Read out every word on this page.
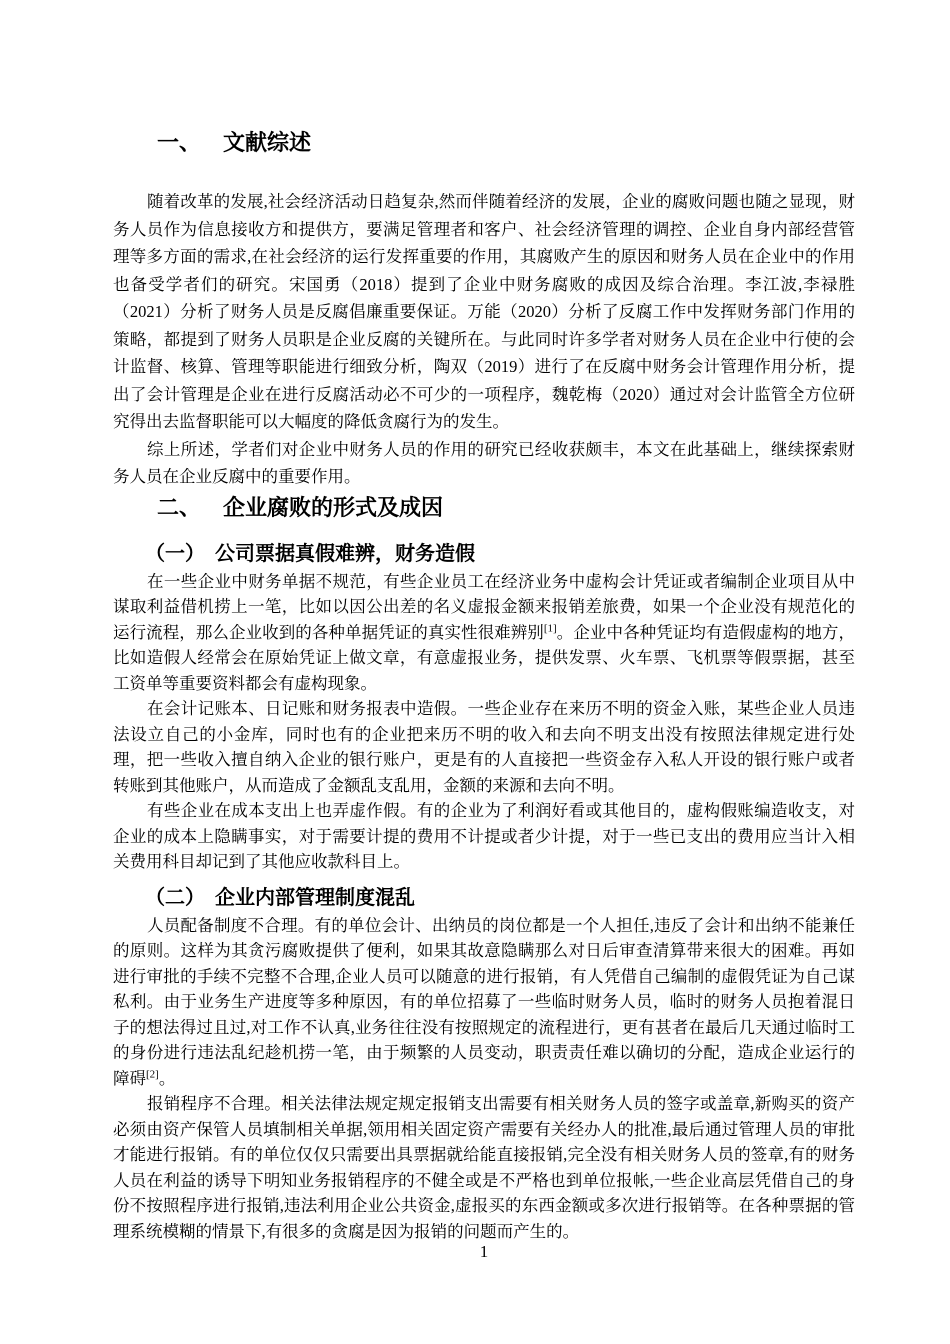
一、 文献综述

随着改革的发展,社会经济活动日趋复杂,然而伴随着经济的发展，企业的腐败问题也随之显现，财务人员作为信息接收方和提供方，要满足管理者和客户、社会经济管理的调控、企业自身内部经营管理等多方面的需求,在社会经济的运行发挥重要的作用，其腐败产生的原因和财务人员在企业中的作用也备受学者们的研究。宋国勇（2018）提到了企业中财务腐败的成因及综合治理。李江波,李禄胜（2021）分析了财务人员是反腐倡廉重要保证。万能（2020）分析了反腐工作中发挥财务部门作用的策略，都提到了财务人员职是企业反腐的关键所在。与此同时许多学者对财务人员在企业中行使的会计监督、核算、管理等职能进行细致分析，陶双（2019）进行了在反腐中财务会计管理作用分析，提出了会计管理是企业在进行反腐活动必不可少的一项程序，魏乾梅（2020）通过对会计监管全方位研究得出去监督职能可以大幅度的降低贪腐行为的发生。

综上所述，学者们对企业中财务人员的作用的研究已经收获颇丰，本文在此基础上，继续探索财务人员在企业反腐中的重要作用。

二、 企业腐败的形式及成因
（一） 公司票据真假难辨，财务造假

在一些企业中财务单据不规范，有些企业员工在经济业务中虚构会计凭证或者编制企业项目从中谋取利益借机捞上一笔，比如以因公出差的名义虚报金额来报销差旅费，如果一个企业没有规范化的运行流程，那么企业收到的各种单据凭证的真实性很难辨别[1]。企业中各种凭证均有造假虚构的地方，比如造假人经常会在原始凭证上做文章，有意虚报业务，提供发票、火车票、飞机票等假票据，甚至工资单等重要资料都会有虚构现象。

在会计记账本、日记账和财务报表中造假。一些企业存在来历不明的资金入账，某些企业人员违法设立自己的小金库，同时也有的企业把来历不明的收入和去向不明支出没有按照法律规定进行处理，把一些收入擅自纳入企业的银行账户，更是有的人直接把一些资金存入私人开设的银行账户或者转账到其他账户，从而造成了金额乱支乱用，金额的来源和去向不明。

有些企业在成本支出上也弄虚作假。有的企业为了利润好看或其他目的，虚构假账编造收支，对企业的成本上隐瞒事实，对于需要计提的费用不计提或者少计提，对于一些已支出的费用应当计入相关费用科目却记到了其他应收款科目上。

（二） 企业内部管理制度混乱

人员配备制度不合理。有的单位会计、出纳员的岗位都是一个人担任,违反了会计和出纳不能兼任的原则。这样为其贪污腐败提供了便利，如果其故意隐瞒那么对日后审查清算带来很大的困难。再如进行审批的手续不完整不合理,企业人员可以随意的进行报销，有人凭借自己编制的虚假凭证为自己谋私利。由于业务生产进度等多种原因，有的单位招募了一些临时财务人员，临时的财务人员抱着混日子的想法得过且过,对工作不认真,业务往往没有按照规定的流程进行，更有甚者在最后几天通过临时工的身份进行违法乱纪趁机捞一笔，由于频繁的人员变动，职责责任难以确切的分配，造成企业运行的障碍[2]。

报销程序不合理。相关法律法规定规定报销支出需要有相关财务人员的签字或盖章,新购买的资产必须由资产保管人员填制相关单据,领用相关固定资产需要有关经办人的批准,最后通过管理人员的审批才能进行报销。有的单位仅仅只需要出具票据就给能直接报销,完全没有相关财务人员的签章,有的财务人员在利益的诱导下明知业务报销程序的不健全或是不严格也到单位报帐,一些企业高层凭借自己的身份不按照程序进行报销,违法利用企业公共资金,虚报买的东西金额或多次进行报销等。在各种票据的管理系统模糊的情景下,有很多的贪腐是因为报销的问题而产生的。

1
